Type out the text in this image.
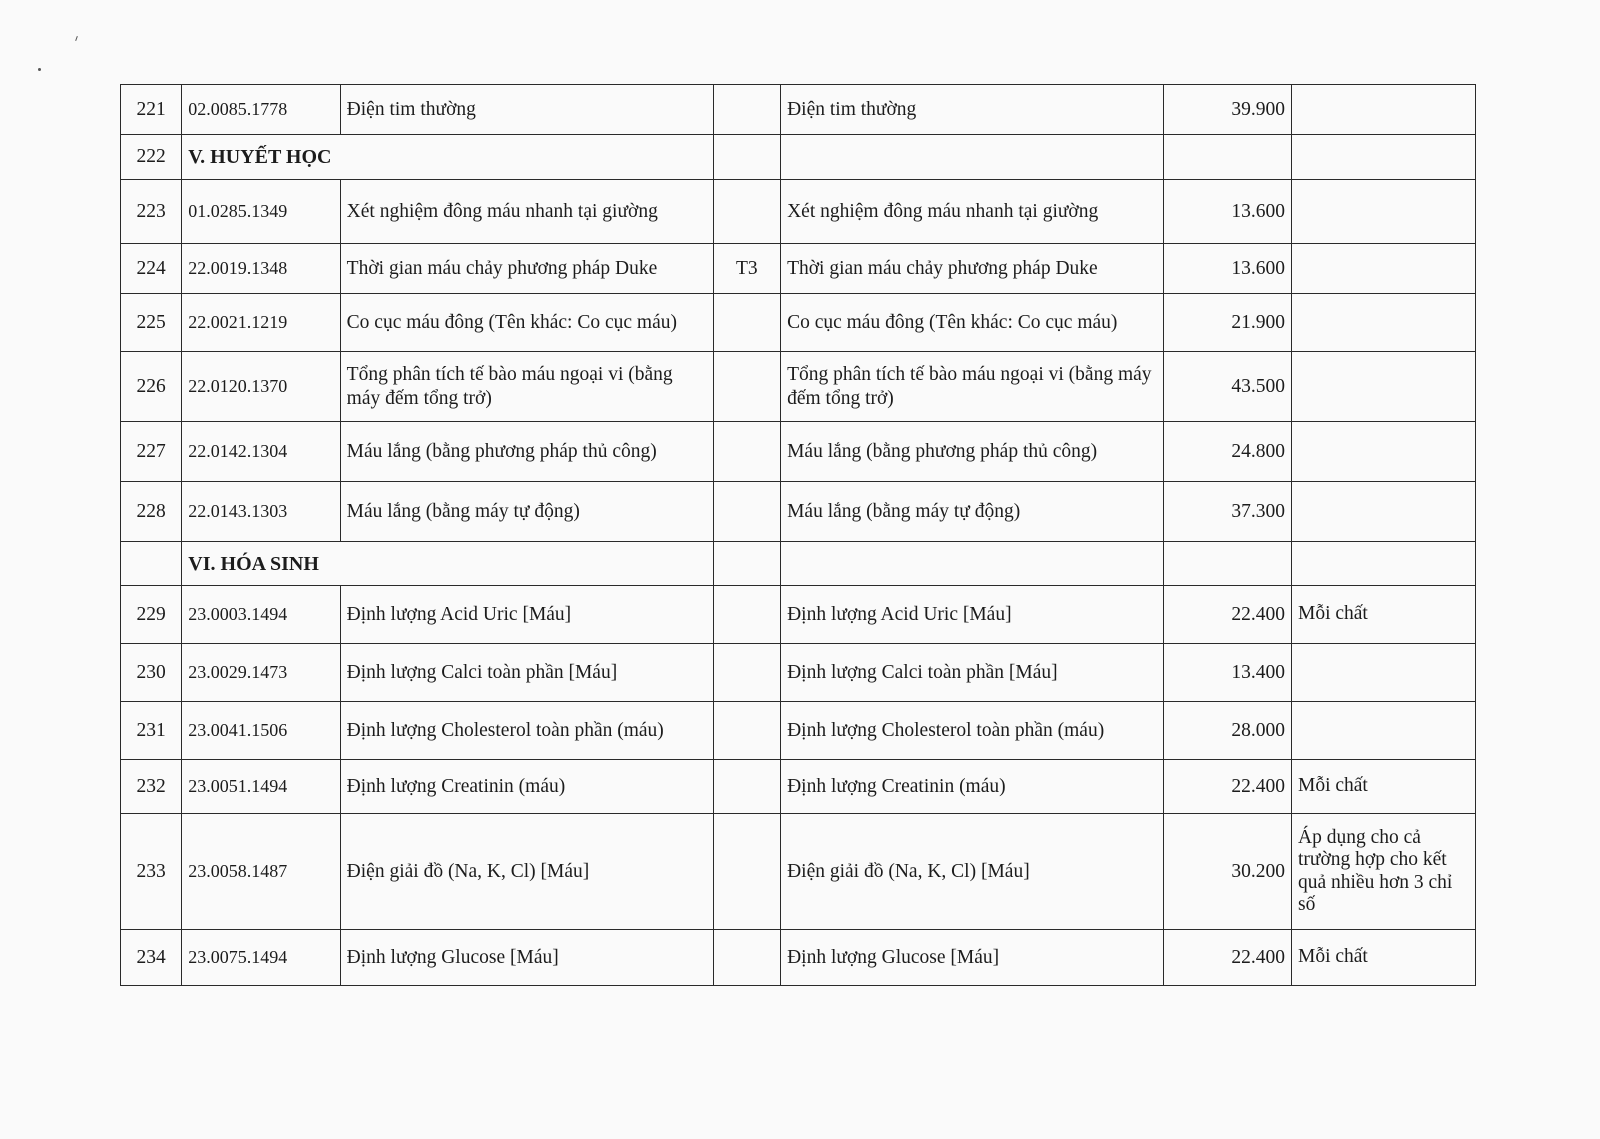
221	02.0085.1778	Điện tim thường		Điện tim thường	39.900	
222	V. HUYẾT HỌC					
223	01.0285.1349	Xét nghiệm đông máu nhanh tại giường		Xét nghiệm đông máu nhanh tại giường	13.600	
224	22.0019.1348	Thời gian máu chảy phương pháp Duke	T3	Thời gian máu chảy phương pháp Duke	13.600	
225	22.0021.1219	Co cục máu đông (Tên khác: Co cục máu)		Co cục máu đông (Tên khác: Co cục máu)	21.900	
226	22.0120.1370	Tổng phân tích tế bào máu ngoại vi (bằng máy đếm tổng trở)		Tổng phân tích tế bào máu ngoại vi (bằng máy đếm tổng trở)	43.500	
227	22.0142.1304	Máu lắng (bằng phương pháp thủ công)		Máu lắng (bằng phương pháp thủ công)	24.800	
228	22.0143.1303	Máu lắng (bằng máy tự động)		Máu lắng (bằng máy tự động)	37.300	
	VI. HÓA SINH					
229	23.0003.1494	Định lượng Acid Uric [Máu]		Định lượng Acid Uric [Máu]	22.400	Mỗi chất
230	23.0029.1473	Định lượng Calci toàn phần [Máu]		Định lượng Calci toàn phần [Máu]	13.400	
231	23.0041.1506	Định lượng Cholesterol toàn phần (máu)		Định lượng Cholesterol toàn phần (máu)	28.000	
232	23.0051.1494	Định lượng Creatinin (máu)		Định lượng Creatinin (máu)	22.400	Mỗi chất
233	23.0058.1487	Điện giải đồ (Na, K, Cl) [Máu]		Điện giải đồ (Na, K, Cl) [Máu]	30.200	Áp dụng cho cả trường hợp cho kết quả nhiều hơn 3 chỉ số
234	23.0075.1494	Định lượng Glucose [Máu]		Định lượng Glucose [Máu]	22.400	Mỗi chất
